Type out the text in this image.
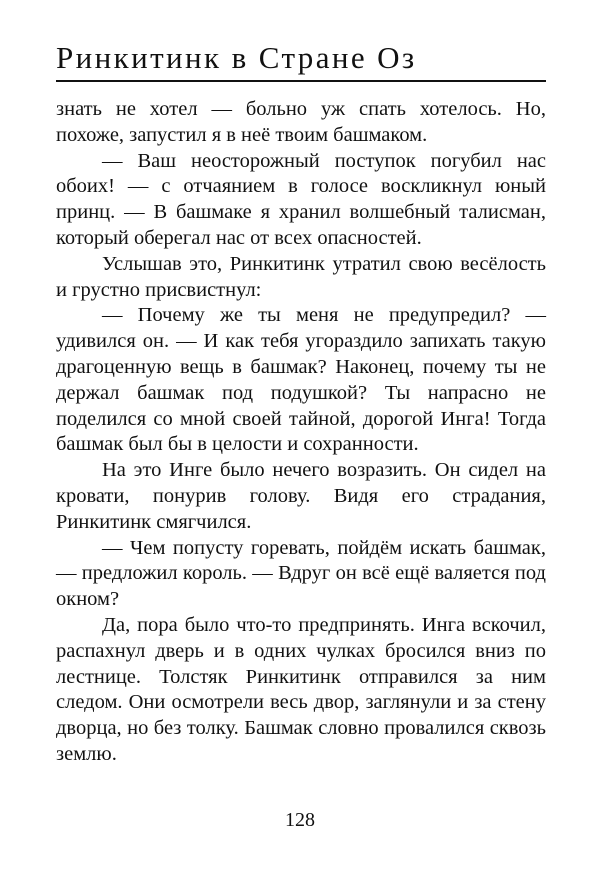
Ринкитинк в Стране Оз

знать не хотел — больно уж спать хотелось. Но, похоже, запустил я в неё твоим башмаком.

— Ваш неосторожный поступок погубил нас обоих! — с отчаянием в голосе воскликнул юный принц. — В башмаке я хранил волшебный талисман, который оберегал нас от всех опасностей.

Услышав это, Ринкитинк утратил свою весёлость и грустно присвистнул:

— Почему же ты меня не предупредил? — удивился он. — И как тебя угораздило запихать такую драгоценную вещь в башмак? Наконец, почему ты не держал башмак под подушкой? Ты напрасно не поделился со мной своей тайной, дорогой Инга! Тогда башмак был бы в целости и сохранности.

На это Инге было нечего возразить. Он сидел на кровати, понурив голову. Видя его страдания, Ринкитинк смягчился.

— Чем попусту горевать, пойдём искать башмак, — предложил король. — Вдруг он всё ещё валяется под окном?

Да, пора было что-то предпринять. Инга вскочил, распахнул дверь и в одних чулках бросился вниз по лестнице. Толстяк Ринкитинк отправился за ним следом. Они осмотрели весь двор, заглянули и за стену дворца, но без толку. Башмак словно провалился сквозь землю.

128
